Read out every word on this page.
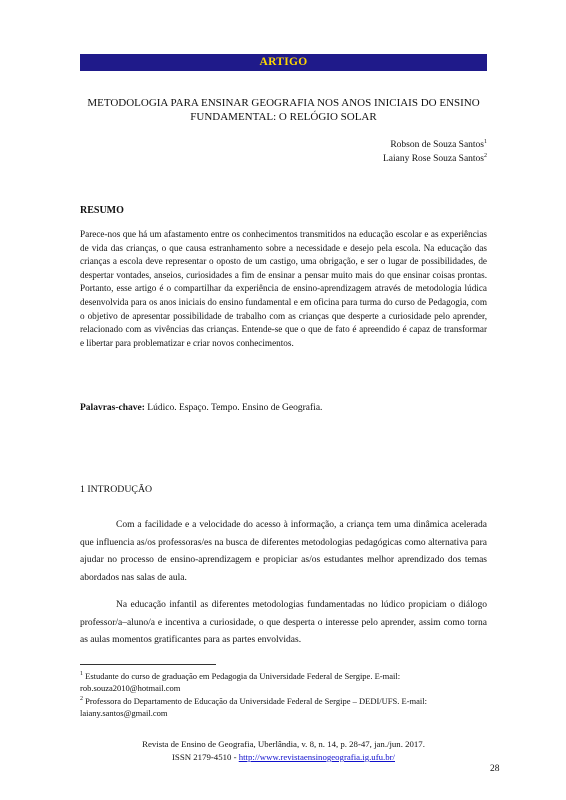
ARTIGO
METODOLOGIA PARA ENSINAR GEOGRAFIA NOS ANOS INICIAIS DO ENSINO FUNDAMENTAL: O RELÓGIO SOLAR
Robson de Souza Santos$^1$
Laiany Rose Souza Santos$^2$
RESUMO

Parece-nos que há um afastamento entre os conhecimentos transmitidos na educação escolar e as experiências de vida das crianças, o que causa estranhamento sobre a necessidade e desejo pela escola. Na educação das crianças a escola deve representar o oposto de um castigo, uma obrigação, e ser o lugar de possibilidades, de despertar vontades, anseios, curiosidades a fim de ensinar a pensar muito mais do que ensinar coisas prontas. Portanto, esse artigo é o compartilhar da experiência de ensino-aprendizagem através de metodologia lúdica desenvolvida para os anos iniciais do ensino fundamental e em oficina para turma do curso de Pedagogia, com o objetivo de apresentar possibilidade de trabalho com as crianças que desperte a curiosidade pelo aprender, relacionado com as vivências das crianças. Entende-se que o que de fato é apreendido é capaz de transformar e libertar para problematizar e criar novos conhecimentos.

Palavras-chave: Lúdico. Espaço. Tempo. Ensino de Geografia.
1 INTRODUÇÃO

Com a facilidade e a velocidade do acesso à informação, a criança tem uma dinâmica acelerada que influencia as/os professoras/es na busca de diferentes metodologias pedagógicas como alternativa para ajudar no processo de ensino-aprendizagem e propiciar as/os estudantes melhor aprendizado dos temas abordados nas salas de aula.

Na educação infantil as diferentes metodologias fundamentadas no lúdico propiciam o diálogo professor/a–aluno/a e incentiva a curiosidade, o que desperta o interesse pelo aprender, assim como torna as aulas momentos gratificantes para as partes envolvidas.

$^1$ Estudante do curso de graduação em Pedagogia da Universidade Federal de Sergipe. E-mail: rob.souza2010@hotmail.com
$^2$ Professora do Departamento de Educação da Universidade Federal de Sergipe – DEDI/UFS. E-mail: laiany.santos@gmail.com
Revista de Ensino de Geografia, Uberlândia, v. 8, n. 14, p. 28-47, jan./jun. 2017.
ISSN 2179-4510 - http://www.revistaensinogeografia.ig.ufu.br/
28
